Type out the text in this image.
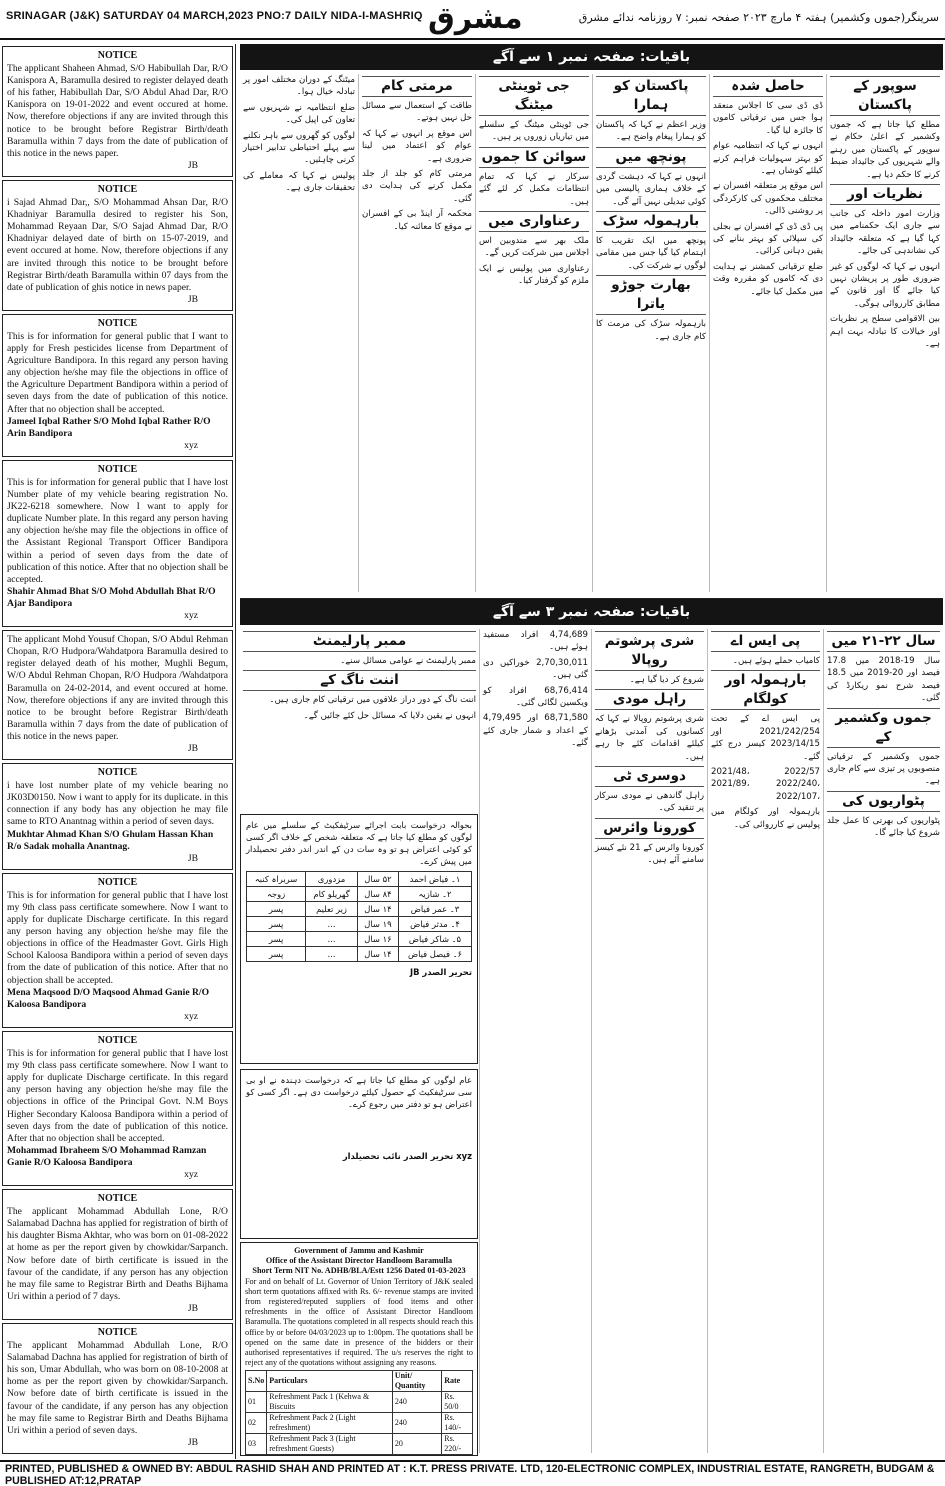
SRINAGAR (J&K) SATURDAY 04 MARCH,2023 PNO:7 DAILY NIDA-I-MASHRIQ مشرق	سرینگر(جموں وکشمیر) ہفتہ ۴ مارچ ۲۰۲۳ صفحہ نمبر: ۷ روزنامہ ندائے مشرق
NOTICE
The applicant Shaheen Ahmad, S/O Habibullah Dar, R/O Kanispora A, Baramulla desired to register delayed death of his father, Habibullah Dar, S/O Abdul Ahad Dar, R/O Kanispora on 19-01-2022 and event occured at home. Now, therefore objections if any are invited through this notice to be brought before Registrar Birth/death Baramulla within 7 days from the date of publication of this notice in the news paper.
JB
NOTICE
i Sajad Ahmad Dar,, S/O Mohammad Ahsan Dar, R/O Khadniyar Baramulla desired to register his Son, Mohammad Reyaan Dar, S/O Sajad Ahmad Dar, R/O Khadniyar delayed date of birth on 15-07-2019, and event occured at home. Now, therefore objections if any are invited through this notice to be brought before Registrar Birth/death Baramulla within 07 days from the date of publication of ghis notice in news paper.
JB
NOTICE
This is for information for general public that I want to apply for Fresh pesticides license from Department of Agriculture Bandipora. In this regard any person having any objection he/she may file the objections in office of the Agriculture Department Bandipora within a period of seven days from the date of publication of this notice. After that no objection shall be accepted.
Jameel Iqbal Rather S/O Mohd Iqbal Rather R/O Arin Bandipora
xyz
NOTICE
This is for information for general public that I have lost Number plate of my vehicle bearing registration No. JK22-6218 somewhere. Now I want to apply for duplicate Number plate. In this regard any person having any objection he/she may file the objections in office of the Assistant Regional Transport Officer Bandipora within a period of seven days from the date of publication of this notice. After that no objection shall be accepted.
Shahir Ahmad Bhat S/O Mohd Abdullah Bhat R/O Ajar Bandipora
xyz
The applicant Mohd Yousuf Chopan, S/O Abdul Rehman Chopan, R/O Hudpora/Wahdatpora Baramulla desired to register delayed death of his mother, Mughli Begum, W/O Abdul Rehman Chopan, R/O Hudpora /Wahdatpora Baramulla on 24-02-2014, and event occured at home. Now, therefore objections if any are invited through this notice to be brought before Registrar Birth/death Baramulla within 7 days from the date of publication of this notice in the news paper.
JB
NOTICE
i have lost number plate of my vehicle bearing no JK03D0150. Now i want to apply for its duplicate. in this connection if any body has any objection he may file same to RTO Anantnag within a period of seven days.
Mukhtar Ahmad Khan S/O Ghulam Hassan Khan R/o Sadak mohalla Anantnag.
JB
NOTICE
This is for information for general public that I have lost my 9th class pass certificate somewhere. Now I want to apply for duplicate Discharge certificate. In this regard any person having any objection he/she may file the objections in office of the Headmaster Govt. Girls High School Kaloosa Bandipora within a period of seven days from the date of publication of this notice. After that no objection shall be accepted.
Mena Maqsood D/O Maqsood Ahmad Ganie R/O Kaloosa Bandipora
xyz
NOTICE
This is for information for general public that I have lost my 9th class pass certificate somewhere. Now I want to apply for duplicate Discharge certificate. In this regard any person having any objection he/she may file the objections in office of the Principal Govt. N.M Boys Higher Secondary Kaloosa Bandipora within a period of seven days from the date of publication of this notice. After that no objection shall be accepted.
Mohammad Ibraheem S/O Mohammad Ramzan Ganie R/O Kaloosa Bandipora
xyz
NOTICE
The applicant Mohammad Abdullah Lone, R/O Salamabad Dachna has applied for registration of birth of his daughter Bisma Akhtar, who was born on 01-08-2022 at home as per the report given by chowkidar/Sarpanch. Now before date of birth certificate is issued in the favour of the candidate, if any person has any objection he may file same to Registrar Birth and Deaths Bijhama Uri within a period of 7 days.
JB
NOTICE
The applicant Mohammad Abdullah Lone, R/O Salamabad Dachna has applied for registration of birth of his son, Umar Abdullah, who was born on 08-10-2008 at home as per the report given by chowkidar/Sarpanch. Now before date of birth certificate is issued in the favour of the candidate, if any person has any objection he may file same to Registrar Birth and Deaths Bijhama Uri within a period of seven days.
JB
باقیات: صفحہ نمبر ۱ سے آگے
سوپور کے پاکستان
مطلع کیا جاتا ہے کہ جموں وکشمیر کے اعلیٰ حکام نے سوپور کے پاکستان میں رہنے والے شہریوں کی جائیداد ضبط کرنے کا حکم دیا ہے۔
نظریات اور
وزارت امور داخلہ کی جانب سے جاری ایک حکمنامے میں کہا گیا ہے کہ متعلقہ جائیداد کی نشاندہی کی جائے۔
انہوں نے کہا کہ لوگوں کو غیر ضروری طور پر پریشان نہیں کیا جائے گا اور قانون کے مطابق کارروائی ہوگی۔
بین الاقوامی سطح پر نظریات اور خیالات کا تبادلہ بہت اہم ہے۔
حاصل شدہ
ڈی ڈی سی کا اجلاس منعقد ہوا جس میں ترقیاتی کاموں کا جائزہ لیا گیا۔
انہوں نے کہا کہ انتظامیہ عوام کو بہتر سہولیات فراہم کرنے کیلئے کوشاں ہے۔
اس موقع پر متعلقہ افسران نے مختلف محکموں کی کارکردگی پر روشنی ڈالی۔
پی ڈی ڈی کے افسران نے بجلی کی سپلائی کو بہتر بنانے کی یقین دہانی کرائی۔
ضلع ترقیاتی کمشنر نے ہدایت دی کہ کاموں کو مقررہ وقت میں مکمل کیا جائے۔
پاکستان کو ہمارا
وزیر اعظم نے کہا کہ پاکستان کو ہمارا پیغام واضح ہے۔
پونچھ میں
انہوں نے کہا کہ دہشت گردی کے خلاف ہماری پالیسی میں کوئی تبدیلی نہیں آئے گی۔
بارہمولہ سڑک
پونچھ میں ایک تقریب کا اہتمام کیا گیا جس میں مقامی لوگوں نے شرکت کی۔
بھارت جوڑو یاترا
بارہمولہ سڑک کی مرمت کا کام جاری ہے۔
جی ٹوینٹی میٹنگ
جی ٹوینٹی میٹنگ کے سلسلے میں تیاریاں زوروں پر ہیں۔
سوائن کا جموں
سرکار نے کہا کہ تمام انتظامات مکمل کر لئے گئے ہیں۔
رعناواری میں
ملک بھر سے مندوبین اس اجلاس میں شرکت کریں گے۔
رعناواری میں پولیس نے ایک ملزم کو گرفتار کیا۔
مرمتی کام
طاقت کے استعمال سے مسائل حل نہیں ہوتے۔
اس موقع پر انہوں نے کہا کہ عوام کو اعتماد میں لینا ضروری ہے۔
مرمتی کام کو جلد از جلد مکمل کرنے کی ہدایت دی گئی۔
محکمہ آر اینڈ بی کے افسران نے موقع کا معائنہ کیا۔
میٹنگ کے دوران مختلف امور پر تبادلہ خیال ہوا۔
ضلع انتظامیہ نے شہریوں سے تعاون کی اپیل کی۔
لوگوں کو گھروں سے باہر نکلنے سے پہلے احتیاطی تدابیر اختیار کرنی چاہئیں۔
پولیس نے کہا کہ معاملے کی تحقیقات جاری ہے۔
باقیات: صفحہ نمبر ۳ سے آگے
سال ۲۲-۲۱ میں
سال 19-2018 میں 17.8 فیصد اور 20-2019 میں 18.5 فیصد شرح نمو ریکارڈ کی گئی۔
جموں وکشمیر کے
جموں وکشمیر کے ترقیاتی منصوبوں پر تیزی سے کام جاری ہے۔
پٹواریوں کی
پٹواریوں کی بھرتی کا عمل جلد شروع کیا جائے گا۔
پی ایس اے
کامیاب حملے ہوئے ہیں۔
بارہمولہ اور کولگام
پی ایس اے کے تحت 2021/242/254 اور 2023/14/15 کیسز درج کئے گئے۔
2022/57 ،2021/48 ،2022/240 ،2021/89 ،2022/107
بارہمولہ اور کولگام میں پولیس نے کارروائی کی۔
شری پرشوتم روپالا
شروع کر دیا گیا ہے۔
راہل مودی
شری پرشوتم روپالا نے کہا کہ کسانوں کی آمدنی بڑھانے کیلئے اقدامات کئے جا رہے ہیں۔
دوسری ٹی
راہل گاندھی نے مودی سرکار پر تنقید کی۔
کورونا وائرس
کورونا وائرس کے 21 نئے کیسز سامنے آئے ہیں۔
4,74,689 افراد مستفید ہوئے ہیں۔
2,70,30,011 خوراکیں دی گئی ہیں۔
68,76,414 افراد کو ویکسین لگائی گئی۔
68,71,580 اور 4,79,495 کے اعداد و شمار جاری کئے گئے۔
ممبر پارلیمنٹ
ممبر پارلیمنٹ نے عوامی مسائل سنے۔
اننت ناگ کے
اننت ناگ کے دور دراز علاقوں میں ترقیاتی کام جاری ہیں۔
انہوں نے یقین دلایا کہ مسائل حل کئے جائیں گے۔
بحوالہ درخواست بابت اجرائے سرٹیفکیٹ کے سلسلے میں عام لوگوں کو مطلع کیا جاتا ہے کہ متعلقہ شخص کے خلاف اگر کسی کو کوئی اعتراض ہو تو وہ سات دن کے اندر اندر دفتر تحصیلدار میں پیش کرے۔
۱۔ فیاض احمد	۵۲ سال	مزدوری	سربراہ کنبہ
۲۔ شازیہ	۸۴ سال	گھریلو کام	زوجہ
۳۔ عمر فیاض	۱۴ سال	زیر تعلیم	پسر
۴۔ مدثر فیاض	۱۹ سال	...	پسر
۵۔ شاکر فیاض	۱۶ سال	...	پسر
۶۔ فیصل فیاض	۱۴ سال	...	پسر
تحریر الصدر JB
عام لوگوں کو مطلع کیا جاتا ہے کہ درخواست دہندہ نے او بی سی سرٹیفکیٹ کے حصول کیلئے درخواست دی ہے۔ اگر کسی کو اعتراض ہو تو دفتر میں رجوع کرے۔
xyz تحریر الصدر نائب تحصیلدار
Government of Jammu and Kashmir
Office of the Assistant Director Handloom Baramulla
Short Term NIT No. ADHB/BLA/Estt 1256 Dated 01-03-2023
For and on behalf of Lt. Governor of Union Territory of J&K sealed short term quotations affixed with Rs. 6/- revenue stamps are invited from registered/reputed suppliers of food items and other refreshments in the office of Assistant Director Handloom Baramulla. The quotations completed in all respects should reach this office by or before 04/03/2023 up to 1:00pm. The quotations shall be opened on the same date in presence of the bidders or their authorised representatives if required. The u/s reserves the right to reject any of the quotations without assigning any reasons.
S.No	Particulars	Unit/ Quantity	Rate
01	Refreshment Pack 1 (Kehwa & Biscuits	240	Rs. 50/0
02	Refreshment Pack 2 (Light refreshment)	240	Rs. 140/-
03	Refreshment Pack 3 (Light refreshment Guests)	20	Rs. 220/-
PRINTED, PUBLISHED & OWNED BY: ABDUL RASHID SHAH AND PRINTED AT : K.T. PRESS PRIVATE. LTD, 120-ELECTRONIC COMPLEX, INDUSTRIAL ESTATE, RANGRETH, BUDGAM & PUBLISHED AT:12,PRATAP
